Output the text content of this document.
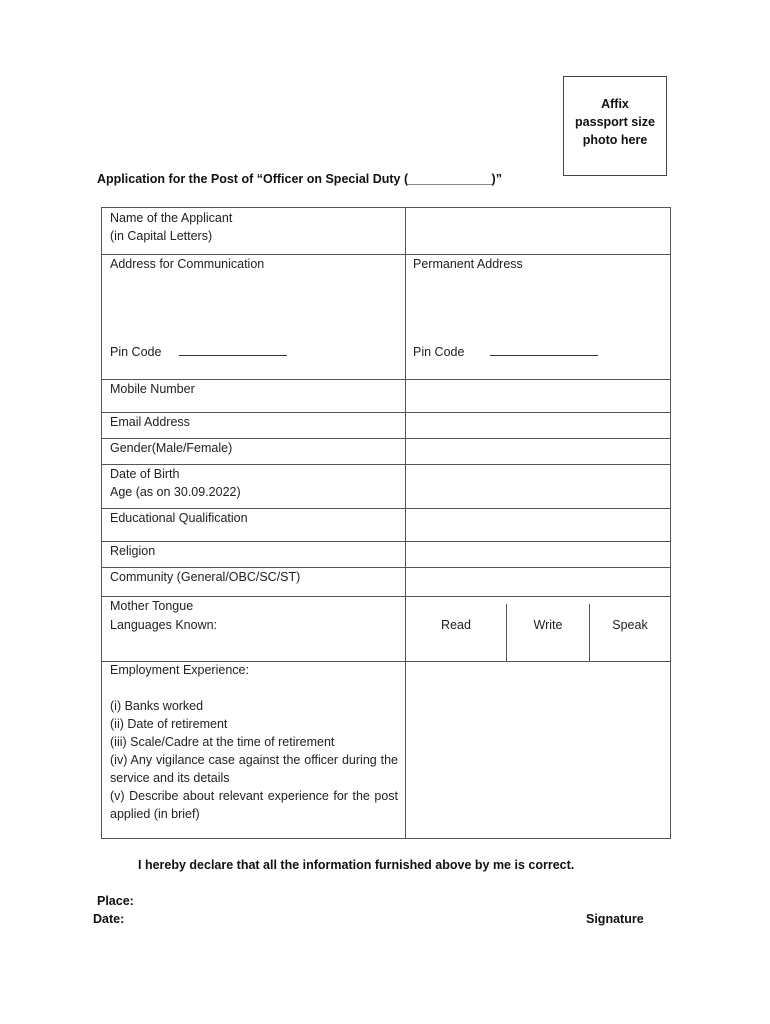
Affix
passport size
photo here
Application for the Post of “Officer on Special Duty (____________)”
Name of the Applicant
(in Capital Letters)
Address for Communication	Permanent Address
Pin Code	Pin Code
Mobile Number
Email Address
Gender(Male/Female)
Date of Birth
Age (as on 30.09.2022)
Educational Qualification
Religion
Community (General/OBC/SC/ST)
Mother Tongue
Languages Known:	Read	Write	Speak
Employment Experience:
(i) Banks worked
(ii) Date of retirement
(iii) Scale/Cadre at the time of retirement
(iv) Any vigilance case against the officer during the service and its details
(v) Describe about relevant experience for the post applied (in brief)
I hereby declare that all the information furnished above by me is correct.
Place:
Date:	Signature
